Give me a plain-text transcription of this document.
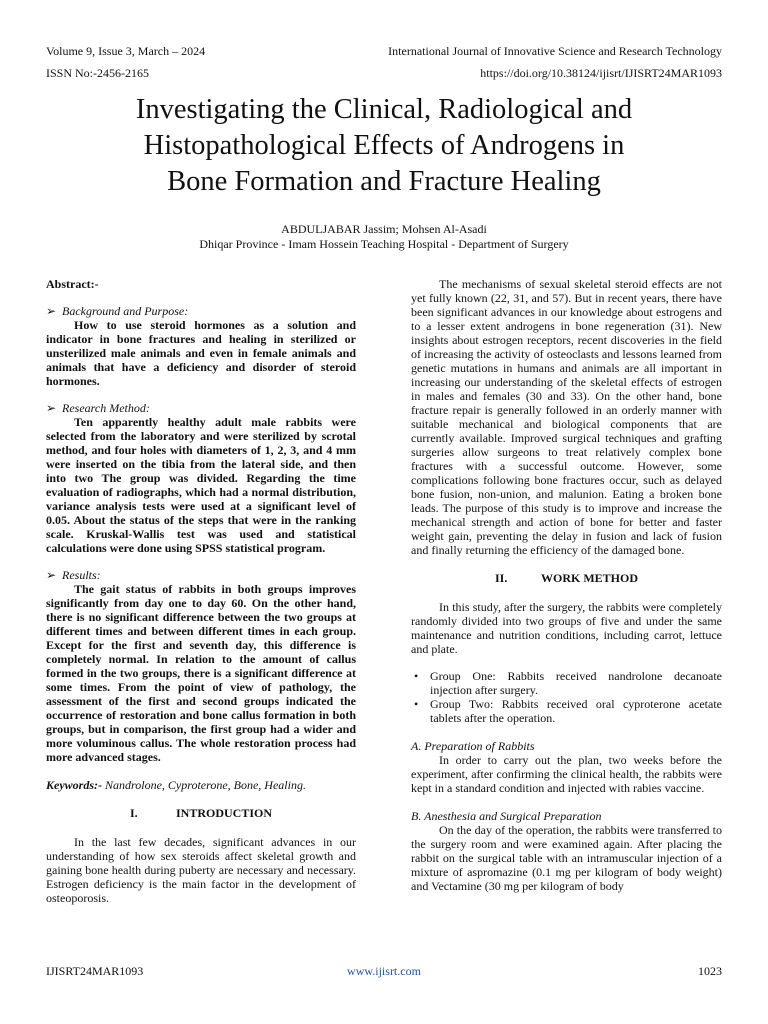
Volume 9, Issue 3, March – 2024	International Journal of Innovative Science and Research Technology
ISSN No:-2456-2165	https://doi.org/10.38124/ijisrt/IJISRT24MAR1093
Investigating the Clinical, Radiological and
Histopathological Effects of Androgens in
Bone Formation and Fracture Healing
ABDULJABAR Jassim; Mohsen Al-Asadi
Dhiqar Province - Imam Hossein Teaching Hospital - Department of Surgery

Abstract:-

➢ Background and Purpose:

How to use steroid hormones as a solution and indicator in bone fractures and healing in sterilized or unsterilized male animals and even in female animals and animals that have a deficiency and disorder of steroid hormones.

➢ Research Method:

Ten apparently healthy adult male rabbits were selected from the laboratory and were sterilized by scrotal method, and four holes with diameters of 1, 2, 3, and 4 mm were inserted on the tibia from the lateral side, and then into two The group was divided. Regarding the time evaluation of radiographs, which had a normal distribution, variance analysis tests were used at a significant level of 0.05. About the status of the steps that were in the ranking scale. Kruskal-Wallis test was used and statistical calculations were done using SPSS statistical program.

➢ Results:

The gait status of rabbits in both groups improves significantly from day one to day 60. On the other hand, there is no significant difference between the two groups at different times and between different times in each group. Except for the first and seventh day, this difference is completely normal. In relation to the amount of callus formed in the two groups, there is a significant difference at some times. From the point of view of pathology, the assessment of the first and second groups indicated the occurrence of restoration and bone callus formation in both groups, but in comparison, the first group had a wider and more voluminous callus. The whole restoration process had more advanced stages.

Keywords:- Nandrolone, Cyproterone, Bone, Healing.

I.	INTRODUCTION

In the last few decades, significant advances in our understanding of how sex steroids affect skeletal growth and gaining bone health during puberty are necessary and necessary. Estrogen deficiency is the main factor in the development of osteoporosis.

The mechanisms of sexual skeletal steroid effects are not yet fully known (22, 31, and 57). But in recent years, there have been significant advances in our knowledge about estrogens and to a lesser extent androgens in bone regeneration (31). New insights about estrogen receptors, recent discoveries in the field of increasing the activity of osteoclasts and lessons learned from genetic mutations in humans and animals are all important in increasing our understanding of the skeletal effects of estrogen in males and females (30 and 33). On the other hand, bone fracture repair is generally followed in an orderly manner with suitable mechanical and biological components that are currently available. Improved surgical techniques and grafting surgeries allow surgeons to treat relatively complex bone fractures with a successful outcome. However, some complications following bone fractures occur, such as delayed bone fusion, non-union, and malunion. Eating a broken bone leads. The purpose of this study is to improve and increase the mechanical strength and action of bone for better and faster weight gain, preventing the delay in fusion and lack of fusion and finally returning the efficiency of the damaged bone.

II.	WORK METHOD

In this study, after the surgery, the rabbits were completely randomly divided into two groups of five and under the same maintenance and nutrition conditions, including carrot, lettuce and plate.

• Group One: Rabbits received nandrolone decanoate injection after surgery.
• Group Two: Rabbits received oral cyproterone acetate tablets after the operation.

A. Preparation of Rabbits

In order to carry out the plan, two weeks before the experiment, after confirming the clinical health, the rabbits were kept in a standard condition and injected with rabies vaccine.

B. Anesthesia and Surgical Preparation

On the day of the operation, the rabbits were transferred to the surgery room and were examined again. After placing the rabbit on the surgical table with an intramuscular injection of a mixture of aspromazine (0.1 mg per kilogram of body weight) and Vectamine (30 mg per kilogram of body

IJISRT24MAR1093	www.ijisrt.com	1023
